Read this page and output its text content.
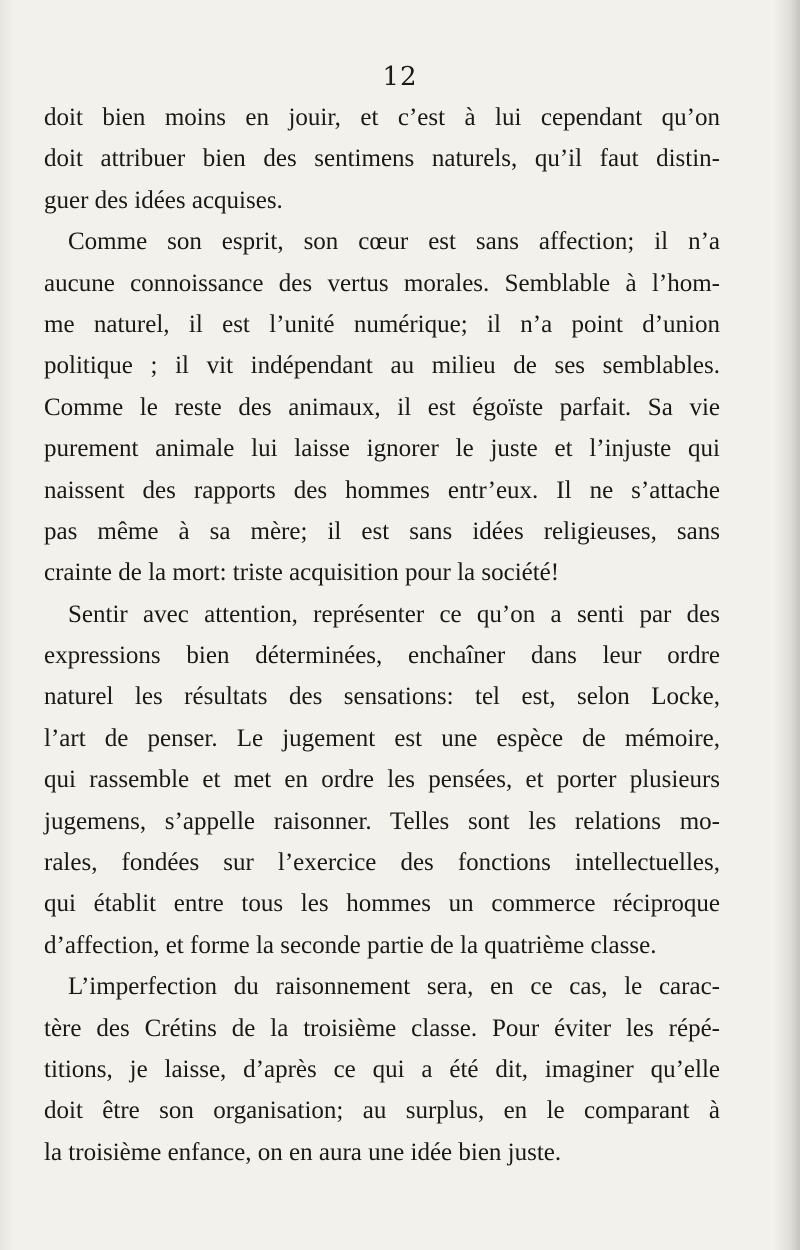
12
doit bien moins en jouir, et c’est à lui cependant qu’on
doit attribuer bien des sentimens naturels, qu’il faut distin-
guer des idées acquises.
Comme son esprit, son cœur est sans affection; il n’a
aucune connoissance des vertus morales. Semblable à l’hom-
me naturel, il est l’unité numérique; il n’a point d’union
politique ; il vit indépendant au milieu de ses semblables.
Comme le reste des animaux, il est égoïste parfait. Sa vie
purement animale lui laisse ignorer le juste et l’injuste qui
naissent des rapports des hommes entr’eux. Il ne s’attache
pas même à sa mère; il est sans idées religieuses, sans
crainte de la mort: triste acquisition pour la société!
Sentir avec attention, représenter ce qu’on a senti par des
expressions bien déterminées, enchaîner dans leur ordre
naturel les résultats des sensations: tel est, selon Locke,
l’art de penser. Le jugement est une espèce de mémoire,
qui rassemble et met en ordre les pensées, et porter plusieurs
jugemens, s’appelle raisonner. Telles sont les relations mo-
rales, fondées sur l’exercice des fonctions intellectuelles,
qui établit entre tous les hommes un commerce réciproque
d’affection, et forme la seconde partie de la quatrième classe.
L’imperfection du raisonnement sera, en ce cas, le carac-
tère des Crétins de la troisième classe. Pour éviter les répé-
titions, je laisse, d’après ce qui a été dit, imaginer qu’elle
doit être son organisation; au surplus, en le comparant à
la troisième enfance, on en aura une idée bien juste.
